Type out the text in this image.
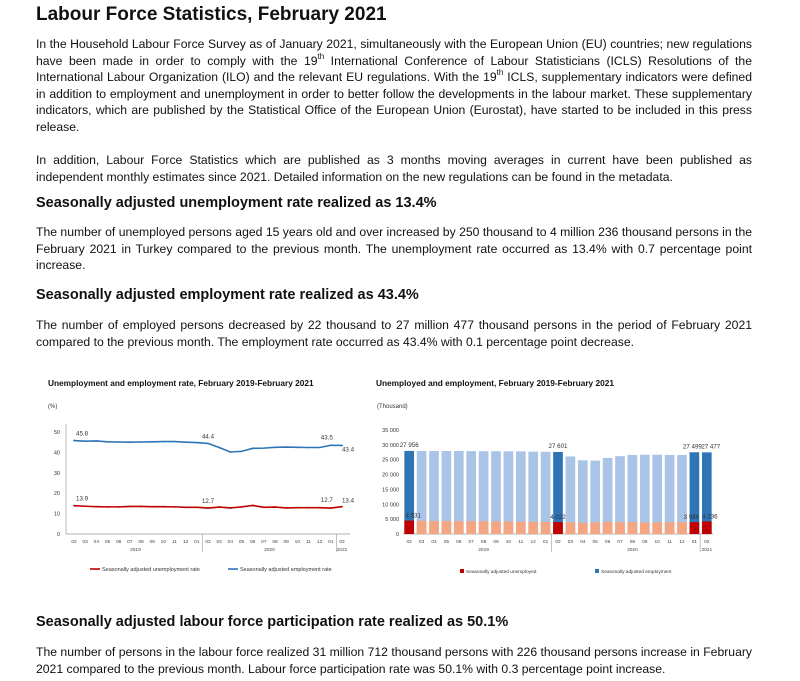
Labour Force Statistics, February 2021

In the Household Labour Force Survey as of January 2021, simultaneously with the European Union (EU) countries; new regulations have been made in order to comply with the 19th International Conference of Labour Statisticians (ICLS) Resolutions of the International Labour Organization (ILO) and the relevant EU regulations. With the 19th ICLS, supplementary indicators were defined in addition to employment and unemployment in order to better follow the developments in the labour market. These supplementary indicators, which are published by the Statistical Office of the European Union (Eurostat), have started to be included in this press release.

In addition, Labour Force Statistics which are published as 3 months moving averages in current have been published as independent monthly estimates since 2021. Detailed information on the new regulations can be found in the metadata.

Seasonally adjusted unemployment rate realized as 13.4%

The number of unemployed persons aged 15 years old and over increased by 250 thousand to 4 million 236 thousand persons in the February 2021 in Turkey compared to the previous month. The unemployment rate occurred as 13.4% with 0.7 percentage point increase.

Seasonally adjusted employment rate realized as 43.4%

The number of employed persons decreased by 22 thousand to 27 million 477 thousand persons in the period of February 2021 compared to the previous month. The employment rate occurred as 43.4% with 0.1 percentage point decrease.

Unemployment and employment rate, February 2019-February 2021	Unemployed and employment, February 2019-February 2021
(%)
0
10
20
30
40
50
02 03 04 05 06 07 08 09 10 11 12 01 02 03 04 05 06 07 08 09 10 11 12 01 02
2019	2020	2021
13.9	12.7	12.7 13.4
45.8	44.4	43.5
43.4
Seasonally adjusted unemployment rate	Seasonally adjusted employment rate
(Thousand)
0
5 000
10 000
15 000
20 000
25 000
30 000
35 000
27 956	27 601	27 499 27 477
4 531	4 022	3 986 4 236
02 03 04 05 06 07 08 09 10 11 12 01 02 03 04 05 06 07 08 09 10 11 12 01 02
2019	2020	2021
Seasonally adjusted unemployed	Seasonally adjusted employment
Seasonally adjusted labour force participation rate realized as 50.1%

The number of persons in the labour force realized 31 million 712 thousand persons with 226 thousand persons increase in February 2021 compared to the previous month. Labour force participation rate was 50.1% with 0.3 percentage point increase.
